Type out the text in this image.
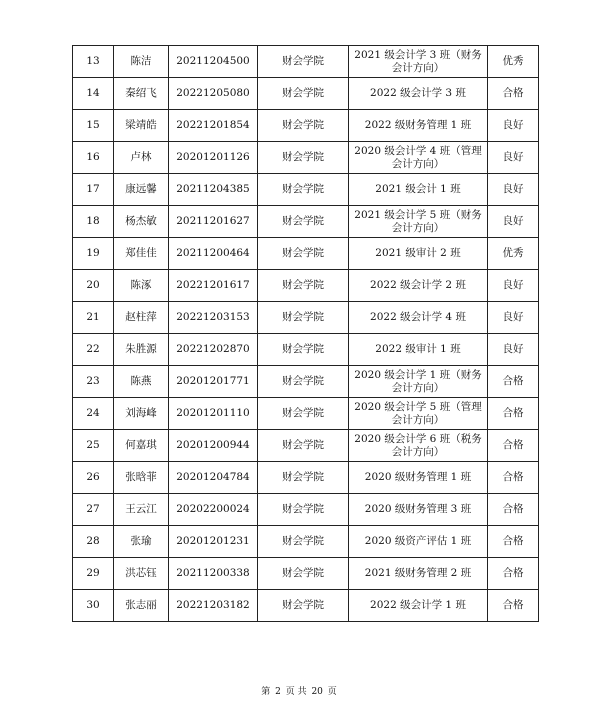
13	陈洁	20211204500	财会学院	2021 级会计学 3 班（财务会计方向）	优秀
14	秦绍飞	20221205080	财会学院	2022 级会计学 3 班	合格
15	梁靖皓	20221201854	财会学院	2022 级财务管理 1 班	良好
16	卢林	20201201126	财会学院	2020 级会计学 4 班（管理会计方向）	良好
17	康远馨	20211204385	财会学院	2021 级会计 1 班	良好
18	杨杰敏	20211201627	财会学院	2021 级会计学 5 班（财务会计方向）	良好
19	郑佳佳	20211200464	财会学院	2021 级审计 2 班	优秀
20	陈涿	20221201617	财会学院	2022 级会计学 2 班	良好
21	赵柱萍	20221203153	财会学院	2022 级会计学 4 班	良好
22	朱胜源	20221202870	财会学院	2022 级审计 1 班	良好
23	陈燕	20201201771	财会学院	2020 级会计学 1 班（财务会计方向）	合格
24	刘海峰	20201201110	财会学院	2020 级会计学 5 班（管理会计方向）	合格
25	何嘉琪	20201200944	财会学院	2020 级会计学 6 班（税务会计方向）	合格
26	张晗菲	20201204784	财会学院	2020 级财务管理 1 班	合格
27	王云江	20202200024	财会学院	2020 级财务管理 3 班	合格
28	张瑜	20201201231	财会学院	2020 级资产评估 1 班	合格
29	洪芯钰	20211200338	财会学院	2021 级财务管理 2 班	合格
30	张志丽	20221203182	财会学院	2022 级会计学 1 班	合格
第 2 页 共 20 页
